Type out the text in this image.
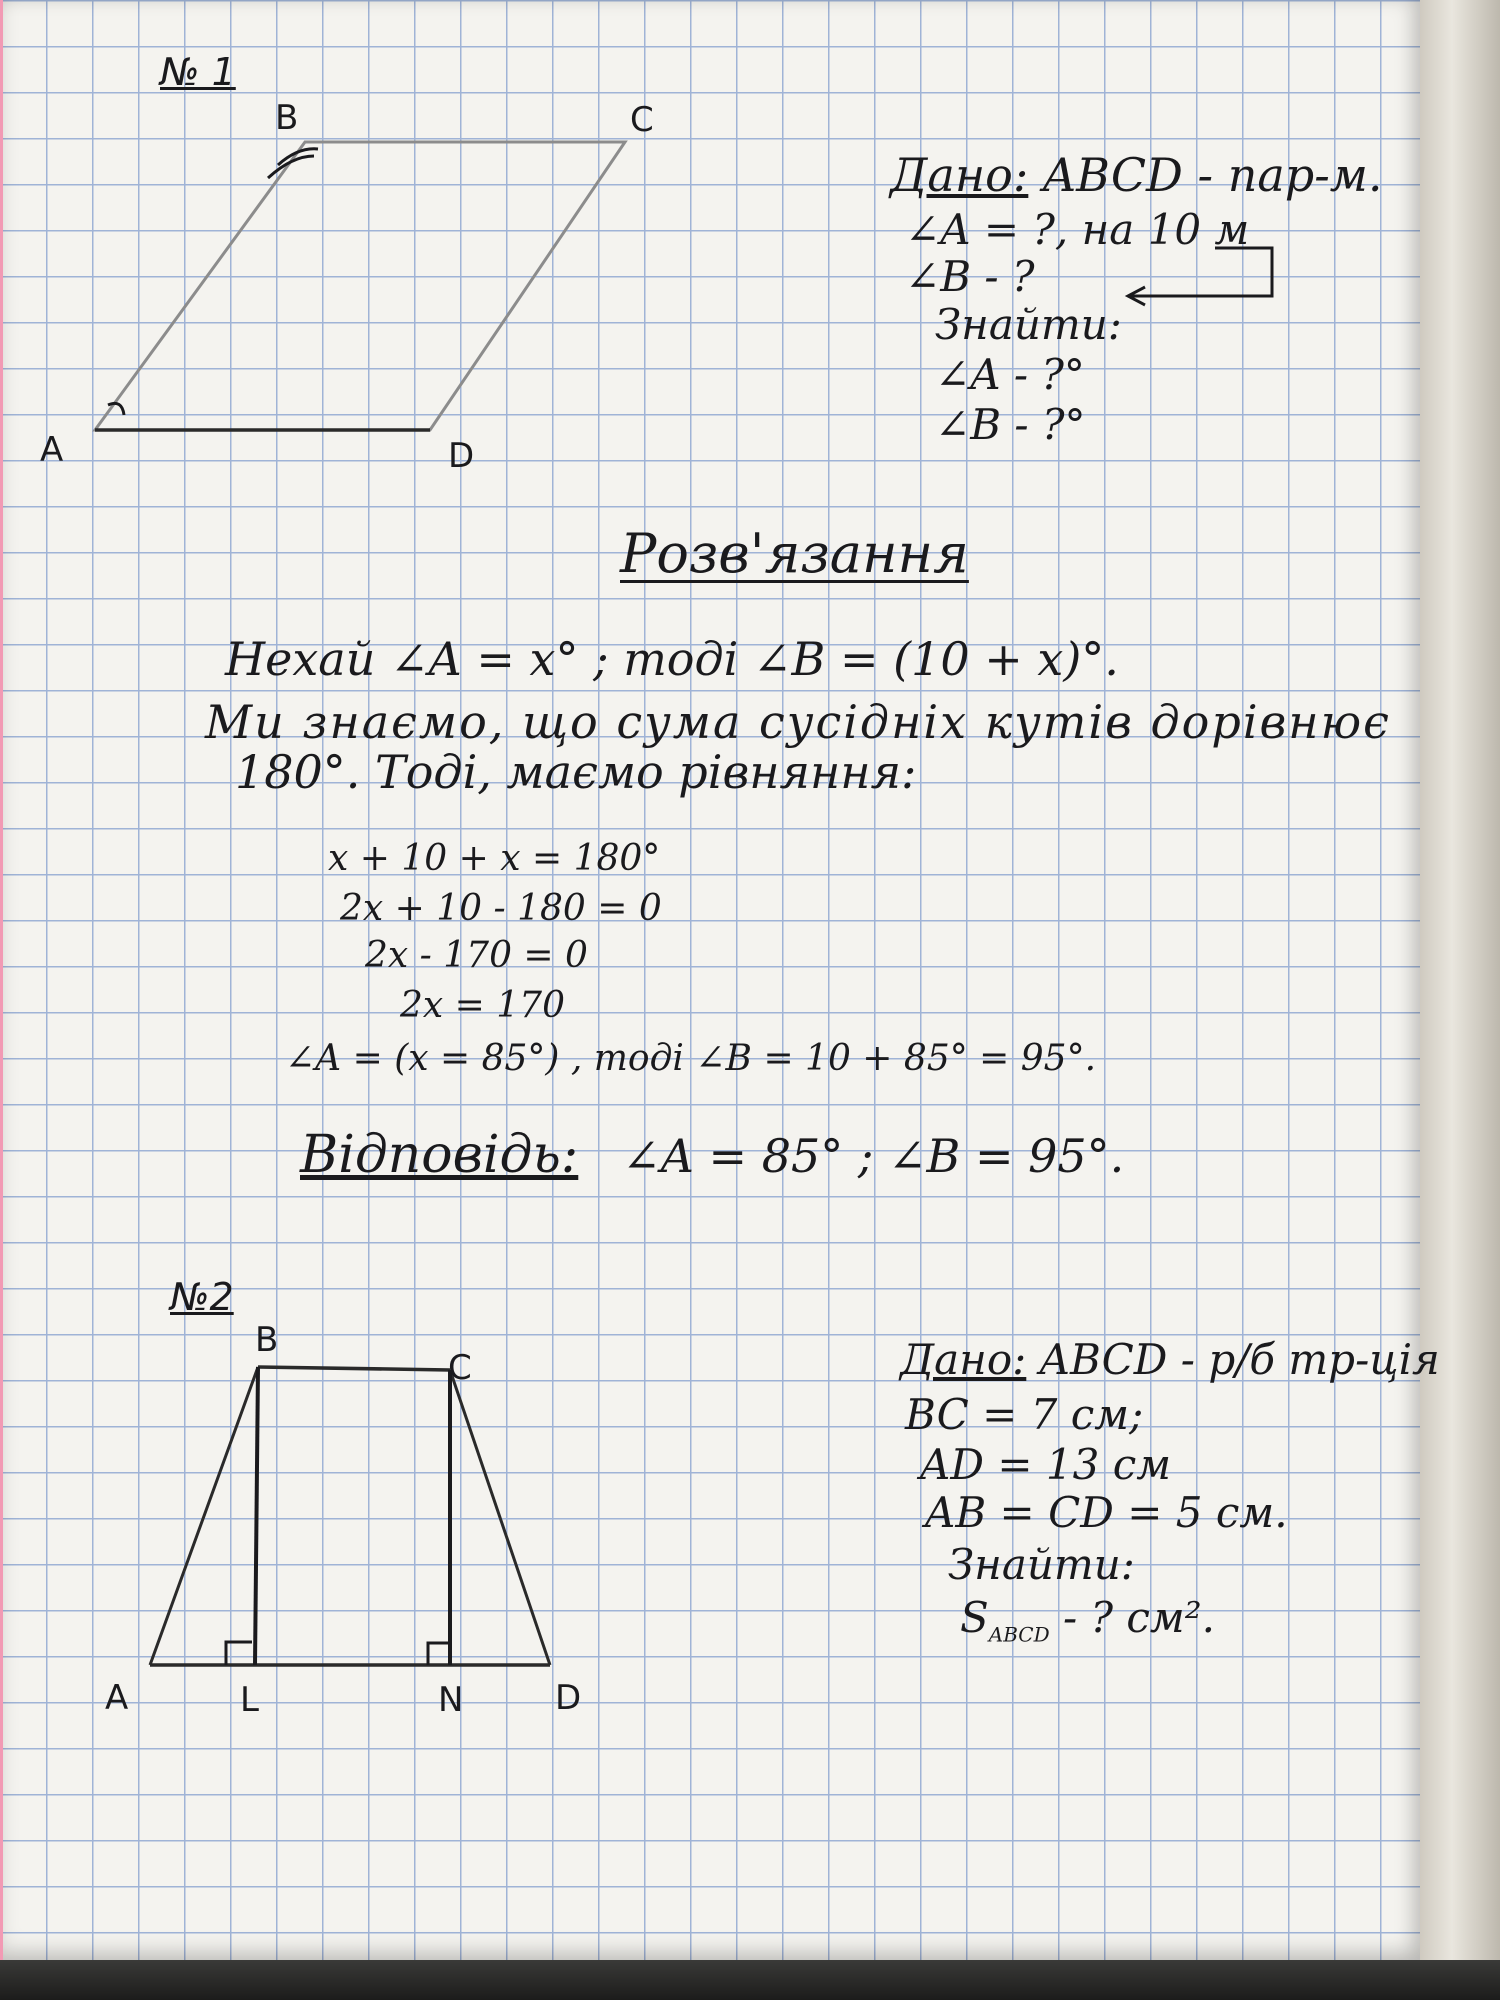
№ 1
B	C
A	D
Дано: ABCD - пар-м.
∠A = ?, на 10 м
∠B - ?
Знайти:
∠A - ?°
∠B - ?°
Розв'язання
Нехай ∠A = x° ; тоді ∠B = (10 + x)°.
Ми знаємо, що сума сусідніх кутів дорівнює
180°. Тоді, маємо рівняння:
x + 10 + x = 180°
2x + 10 - 180 = 0
2x - 170 = 0
2x = 170
∠A = (x = 85°) , тоді ∠B = 10 + 85° = 95°.
Відповідь: ∠A = 85° ; ∠B = 95°.
№2
B
C
A	L	N	D
Дано: ABCD - р/б тр-ція
BC = 7 см;
AD = 13 см
AB = CD = 5 см.
Знайти:
$S_{ABCD}$ - ? см².
